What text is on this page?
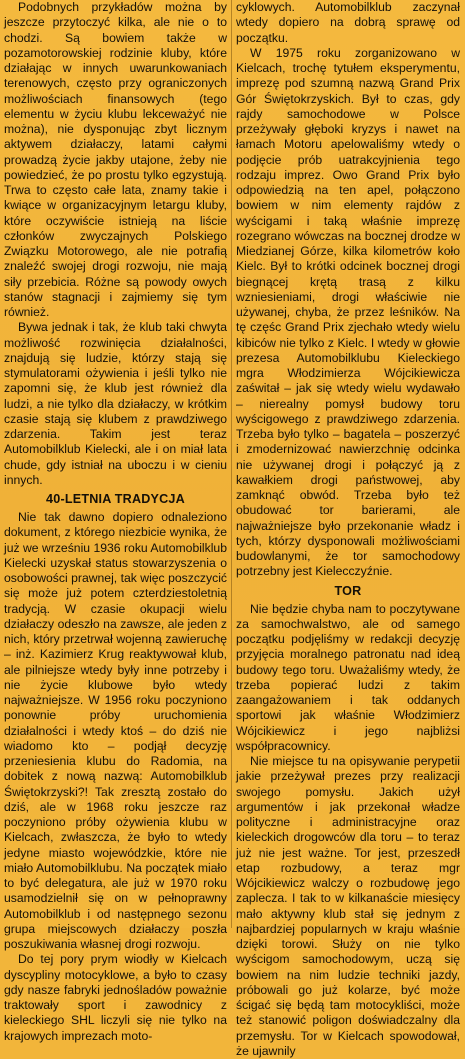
Podobnych przykładów można by jeszcze przytoczyć kilka, ale nie o to chodzi. Są bowiem także w pozamotorowskiej rodzinie kluby, które działając w innych uwarunkowaniach terenowych, często przy ograniczonych możliwościach finansowych (tego elementu w życiu klubu lekceważyć nie można), nie dysponując zbyt licznym aktywem działaczy, latami całymi prowadzą życie jakby utajone, żeby nie powiedzieć, że po prostu tylko egzystują. Trwa to często całe lata, znamy takie i kwiące w organizacyjnym letargu kluby, które oczywiście istnieją na liście członków zwyczajnych Polskiego Związku Motorowego, ale nie potrafią znaleźć swojej drogi rozwoju, nie mają siły przebicia. Różne są powody owych stanów stagnacji i zajmiemy się tym również.

Bywa jednak i tak, że klub taki chwyta możliwość rozwinięcia działalności, znajdują się ludzie, którzy stają się stymulatorami ożywienia i jeśli tylko nie zapomni się, że klub jest również dla ludzi, a nie tylko dla działaczy, w krótkim czasie stają się klubem z prawdziwego zdarzenia. Takim jest teraz Automobilklub Kielecki, ale i on miał lata chude, gdy istniał na uboczu i w cieniu innych.

40-LETNIA TRADYCJA

Nie tak dawno dopiero odnaleziono dokument, z którego niezbicie wynika, że już we wrześniu 1936 roku Automobilklub Kielecki uzyskał status stowarzyszenia o osobowości prawnej, tak więc poszczycić się może już potem czterdziestoletnią tradycją. W czasie okupacji wielu działaczy odeszło na zawsze, ale jeden z nich, który przetrwał wojenną zawieruchę – inż. Kazimierz Krug reaktywował klub, ale pilniejsze wtedy były inne potrzeby i nie życie klubowe było wtedy najważniejsze. W 1956 roku poczyniono ponownie próby uruchomienia działalności i wtedy ktoś – do dziś nie wiadomo kto – podjął decyzję przeniesienia klubu do Radomia, na dobitek z nową nazwą: Automobilklub Świętokrzyski?! Tak zresztą zostało do dziś, ale w 1968 roku jeszcze raz poczyniono próby ożywienia klubu w Kielcach, zwłaszcza, że było to wtedy jedyne miasto wojewódzkie, które nie miało Automobilklubu. Na początek miało to być delegatura, ale już w 1970 roku usamodzielnił się on w pełnoprawny Automobilklub i od następnego sezonu grupa miejscowych działaczy poszła poszukiwania własnej drogi rozwoju.

Do tej pory prym wiodły w Kielcach dyscypliny motocyklowe, a było to czasy gdy nasze fabryki jednośladów poważnie traktowały sport i zawodnicy z kieleckiego SHL liczyli się nie tylko na krajowych imprezach moto-

cyklowych. Automobilklub zaczynał wtedy dopiero na dobrą sprawę od początku.

W 1975 roku zorganizowano w Kielcach, trochę tytułem eksperymentu, imprezę pod szumną nazwą Grand Prix Gór Świętokrzyskich. Był to czas, gdy rajdy samochodowe w Polsce przeżywały głęboki kryzys i nawet na łamach Motoru apelowaliśmy wtedy o podjęcie prób uatrakcyjnienia tego rodzaju imprez. Owo Grand Prix było odpowiedzią na ten apel, połączono bowiem w nim elementy rajdów z wyścigami i taką właśnie imprezę rozegrano wówczas na bocznej drodze w Miedzianej Górze, kilka kilometrów koło Kielc. Był to krótki odcinek bocznej drogi biegnącej krętą trasą z kilku wzniesieniami, drogi właściwie nie używanej, chyba, że przez leśników. Na tę częśc Grand Prix zjechało wtedy wielu kibiców nie tylko z Kielc. I wtedy w głowie prezesa Automobilklubu Kieleckiego mgra Włodzimierza Wójcikiewicza zaświtał – jak się wtedy wielu wydawało – nierealny pomysł budowy toru wyścigowego z prawdziwego zdarzenia. Trzeba było tylko – bagatela – poszerzyć i zmodernizować nawierzchnię odcinka nie używanej drogi i połączyć ją z kawałkiem drogi państwowej, aby zamknąć obwód. Trzeba było też obudować tor barierami, ale najważniejsze było przekonanie władz i tych, którzy dysponowali możliwościami budowlanymi, że tor samochodowy potrzebny jest Kielecczyźnie.

TOR

Nie będzie chyba nam to poczytywane za samochwalstwo, ale od samego początku podjęliśmy w redakcji decyzję przyjęcia moralnego patronatu nad ideą budowy tego toru. Uważaliśmy wtedy, że trzeba popierać ludzi z takim zaangażowaniem i tak oddanych sportowi jak właśnie Włodzimierz Wójcikiewicz i jego najbliżsi współpracownicy.

Nie miejsce tu na opisywanie perypetii jakie przeżywał prezes przy realizacji swojego pomysłu. Jakich użył argumentów i jak przekonał władze polityczne i administracyjne oraz kieleckich drogowców dla toru – to teraz już nie jest ważne. Tor jest, przeszedł etap rozbudowy, a teraz mgr Wójcikiewicz walczy o rozbudowę jego zaplecza. I tak to w kilkanaście miesięcy mało aktywny klub stał się jednym z najbardziej popularnych w kraju właśnie dzięki torowi. Służy on nie tylko wyścigom samochodowym, uczą się bowiem na nim ludzie techniki jazdy, próbowali go już kolarze, być może ścigać się będą tam motocykliści, może też stanowić poligon doświadczalny dla przemysłu. Tor w Kielcach spowodował, że ujawnily
